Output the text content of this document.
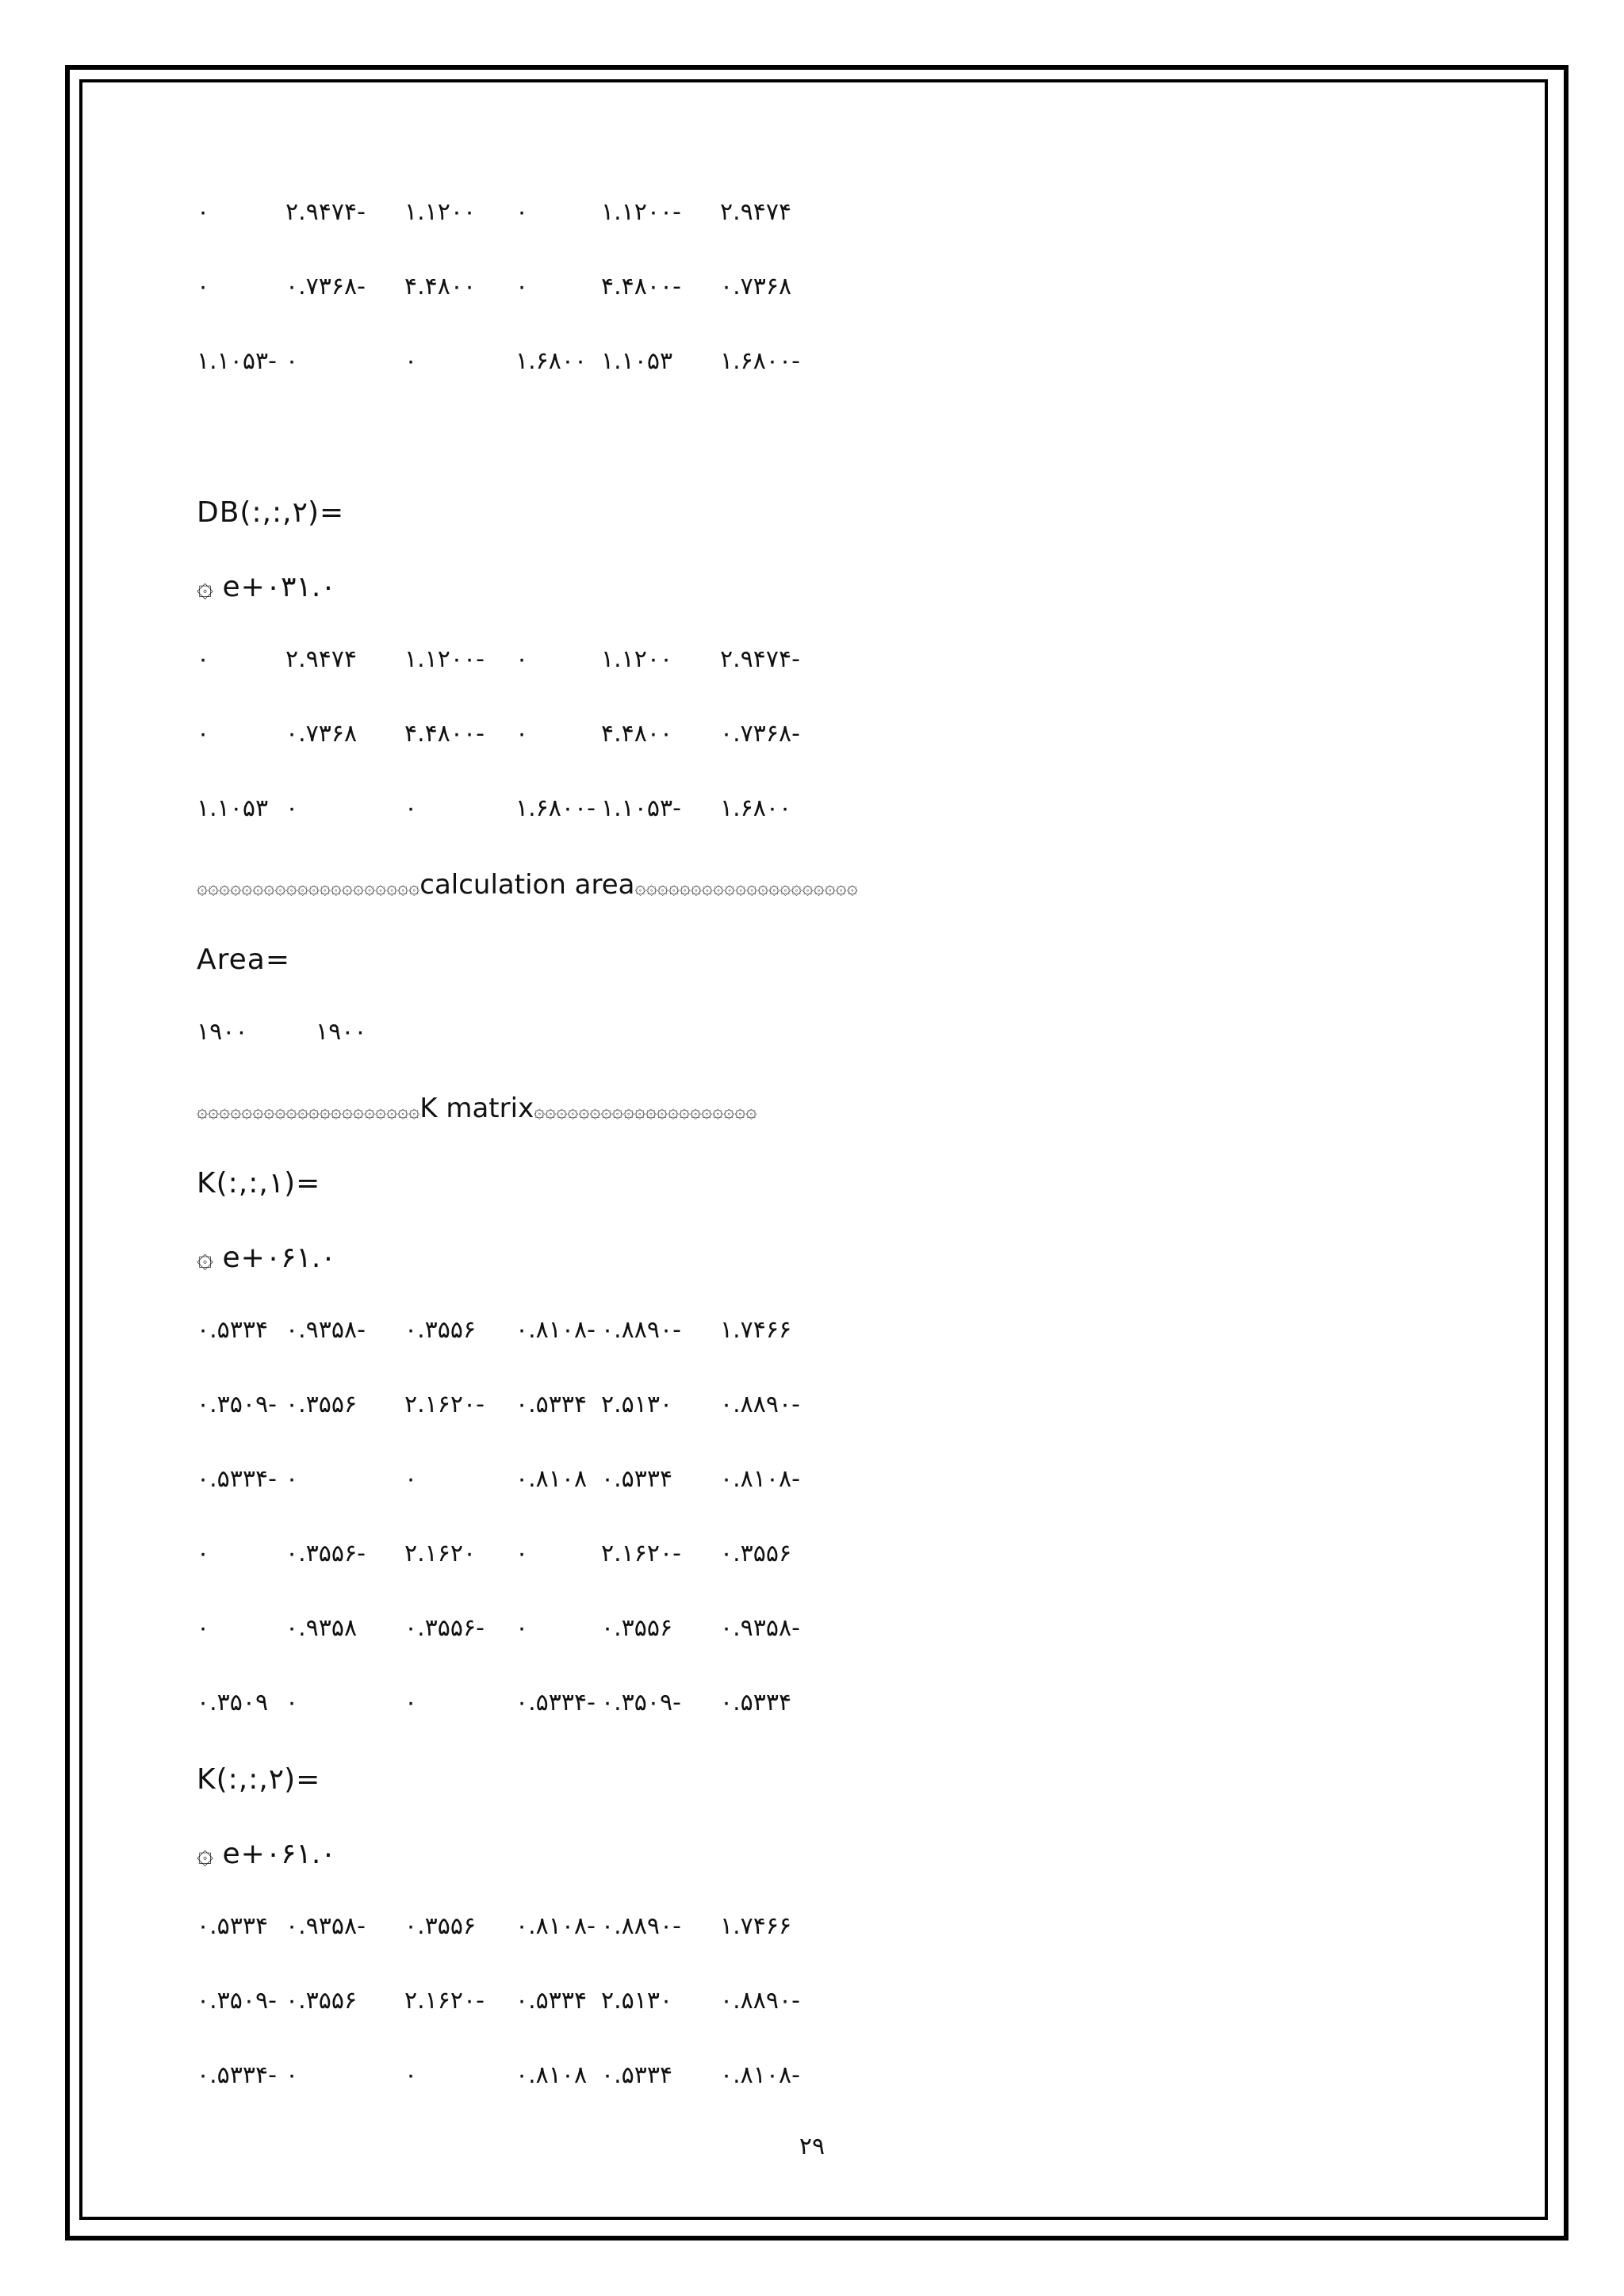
۰	۲.۹۴۷۴- ۱.۱۲۰۰ ۰	۱.۱۲۰۰- ۲.۹۴۷۴
۰	۰.۷۳۶۸- ۴.۴۸۰۰ ۰	۴.۴۸۰۰- ۰.۷۳۶۸
۱.۱۰۵۳- ۰	۰	۱.۶۸۰۰ ۱.۱۰۵۳ ۱.۶۸۰۰-
DB(:,:,۲)=
۞ e+۰۳۱.۰
۰	۲.۹۴۷۴ ۱.۱۲۰۰- ۰	۱.۱۲۰۰ ۲.۹۴۷۴-
۰	۰.۷۳۶۸ ۴.۴۸۰۰- ۰	۴.۴۸۰۰ ۰.۷۳۶۸-
۱.۱۰۵۳ ۰	۰	۱.۶۸۰۰- ۱.۱۰۵۳- ۱.۶۸۰۰
۞۞۞۞۞۞۞۞۞۞۞۞۞۞۞۞۞۞۞۞calculation area۞۞۞۞۞۞۞۞۞۞۞۞۞۞۞۞۞۞۞۞
Area=
۱۹۰۰	۱۹۰۰
۞۞۞۞۞۞۞۞۞۞۞۞۞۞۞۞۞۞۞۞K matrix۞۞۞۞۞۞۞۞۞۞۞۞۞۞۞۞۞۞۞۞
K(:,:,۱)=
۞ e+۰۶۱.۰
۰.۵۳۳۴ ۰.۹۳۵۸- ۰.۳۵۵۶ ۰.۸۱۰۸- ۰.۸۸۹۰- ۱.۷۴۶۶
۰.۳۵۰۹- ۰.۳۵۵۶ ۲.۱۶۲۰- ۰.۵۳۳۴ ۲.۵۱۳۰ ۰.۸۸۹۰-
۰.۵۳۳۴- ۰	۰	۰.۸۱۰۸ ۰.۵۳۳۴ ۰.۸۱۰۸-
۰	۰.۳۵۵۶- ۲.۱۶۲۰ ۰	۲.۱۶۲۰- ۰.۳۵۵۶
۰	۰.۹۳۵۸ ۰.۳۵۵۶- ۰	۰.۳۵۵۶ ۰.۹۳۵۸-
۰.۳۵۰۹ ۰	۰	۰.۵۳۳۴- ۰.۳۵۰۹- ۰.۵۳۳۴
K(:,:,۲)=
۞ e+۰۶۱.۰
۰.۵۳۳۴ ۰.۹۳۵۸- ۰.۳۵۵۶ ۰.۸۱۰۸- ۰.۸۸۹۰- ۱.۷۴۶۶
۰.۳۵۰۹- ۰.۳۵۵۶ ۲.۱۶۲۰- ۰.۵۳۳۴ ۲.۵۱۳۰ ۰.۸۸۹۰-
۰.۵۳۳۴- ۰	۰	۰.۸۱۰۸ ۰.۵۳۳۴ ۰.۸۱۰۸-
۲۹
